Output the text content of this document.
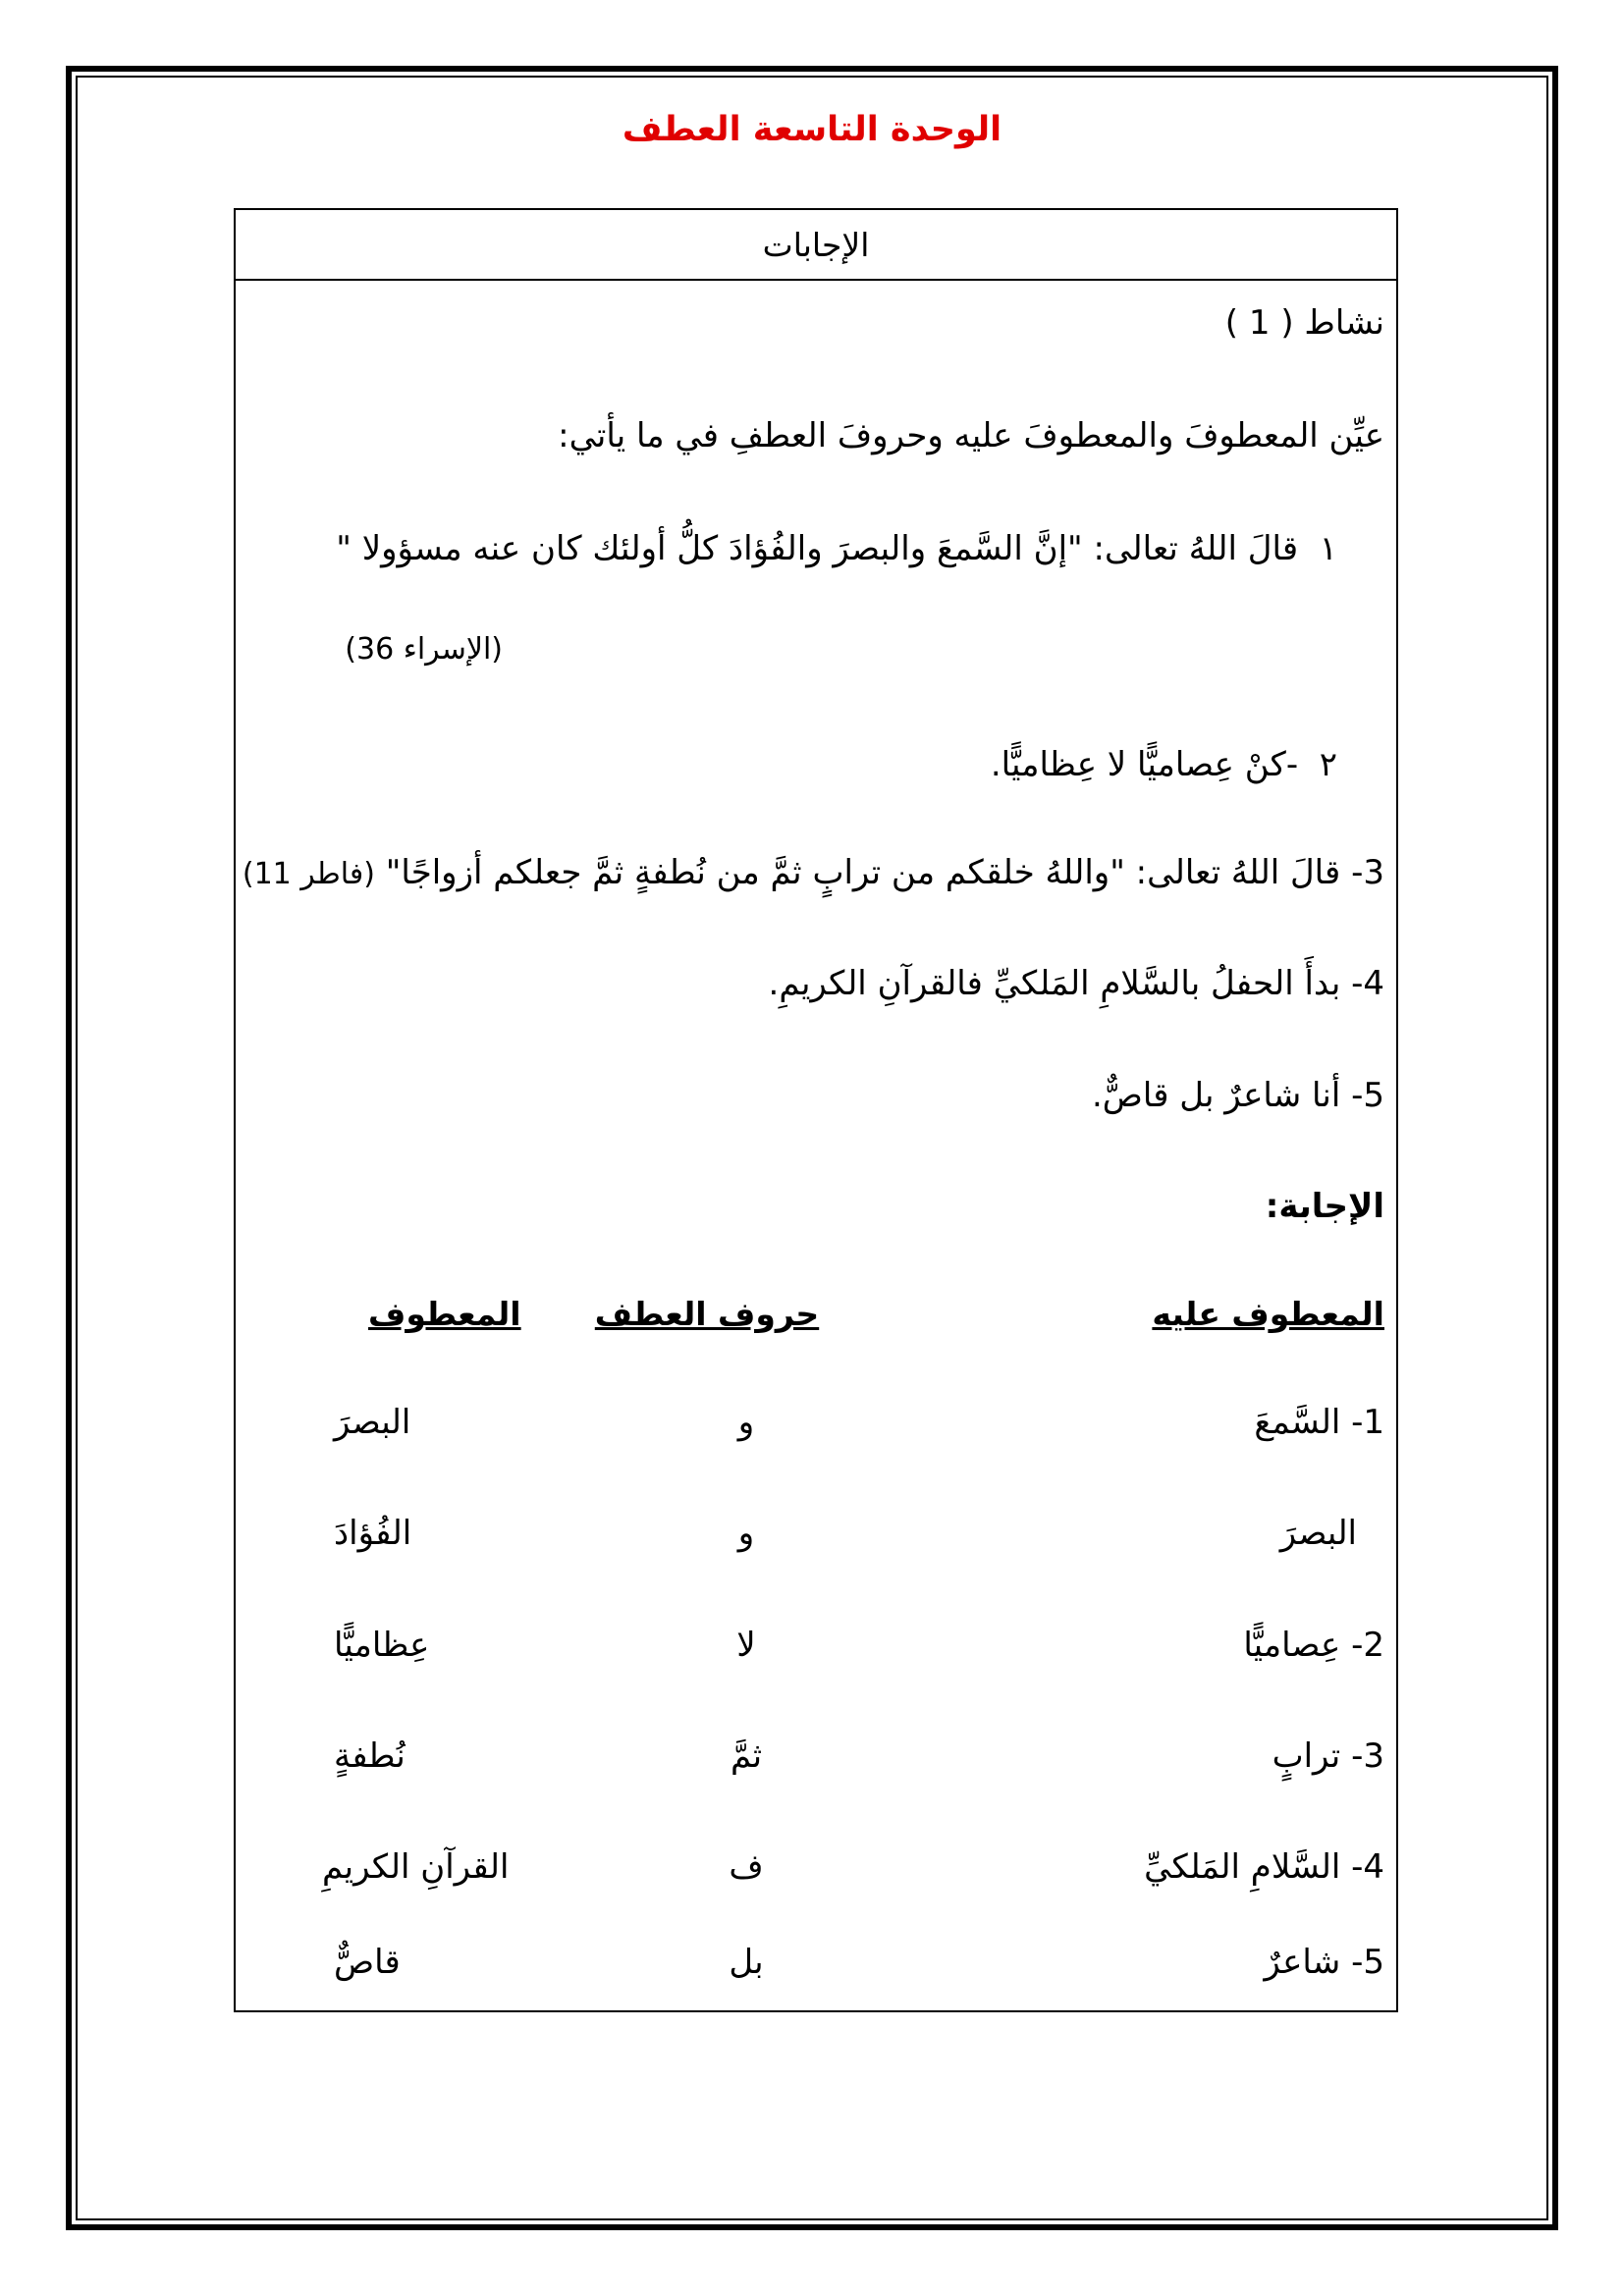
الوحدة التاسعة العطف
الإجابات
نشاط ( 1 )
عيِّن المعطوفَ والمعطوفَ عليه وحروفَ العطفِ في ما يأتي:
١  قالَ اللهُ تعالى: "إنَّ السَّمعَ والبصرَ والفُؤادَ كلُّ أولئك كان عنه مسؤولا "
(الإسراء 36)
٢  -كنْ عِصاميًّا لا عِظاميًّا.
3- قالَ اللهُ تعالى: "واللهُ خلقكم من ترابٍ ثمَّ من نُطفةٍ ثمَّ جعلكم أزواجًا" (فاطر 11)
4- بدأَ الحفلُ بالسَّلامِ المَلكيِّ فالقرآنِ الكريمِ.
5- أنا شاعرٌ بل قاصٌّ.
الإجابة:
المعطوف عليه
حروف العطف
المعطوف
1- السَّمعَ
و
البصرَ
البصرَ
و
الفُؤادَ
2- عِصاميًّا
لا
عِظاميًّا
3- ترابٍ
ثمَّ
نُطفةٍ
4- السَّلامِ المَلكيِّ
ف
القرآنِ الكريمِ
5- شاعرٌ
بل
قاصٌّ
